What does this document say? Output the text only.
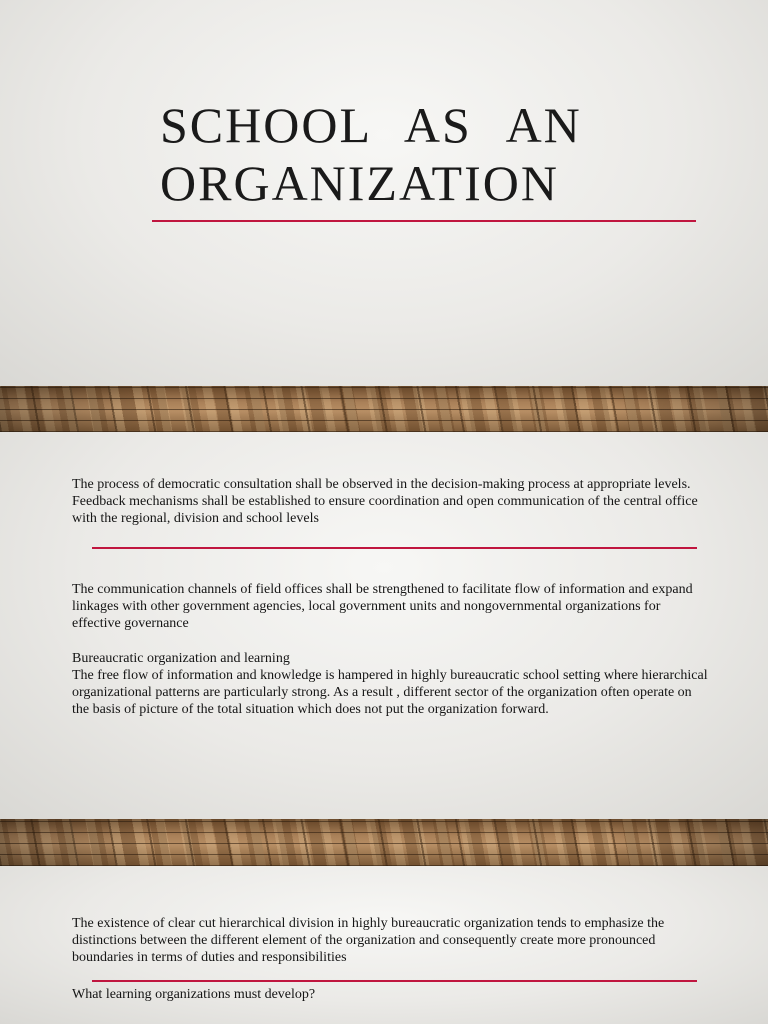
SCHOOL AS AN ORGANIZATION

The process of democratic consultation shall be observed in the decision-making process at appropriate levels. Feedback mechanisms shall be established to ensure coordination and open communication of the central office with the regional, division and school levels

The communication channels of field offices shall be strengthened to facilitate flow of information and expand linkages with other government agencies, local government units and nongovernmental organizations for effective governance

Bureaucratic organization and learning

The free flow of information and knowledge is hampered in highly bureaucratic school setting where hierarchical organizational patterns are particularly strong. As a result , different sector of the organization often operate on the basis of picture of the total situation which does not put the organization forward.

The existence of clear cut hierarchical division in highly bureaucratic organization tends to emphasize the distinctions between the different element of the organization and consequently create more pronounced boundaries in terms of duties and responsibilities

What learning organizations must develop?
